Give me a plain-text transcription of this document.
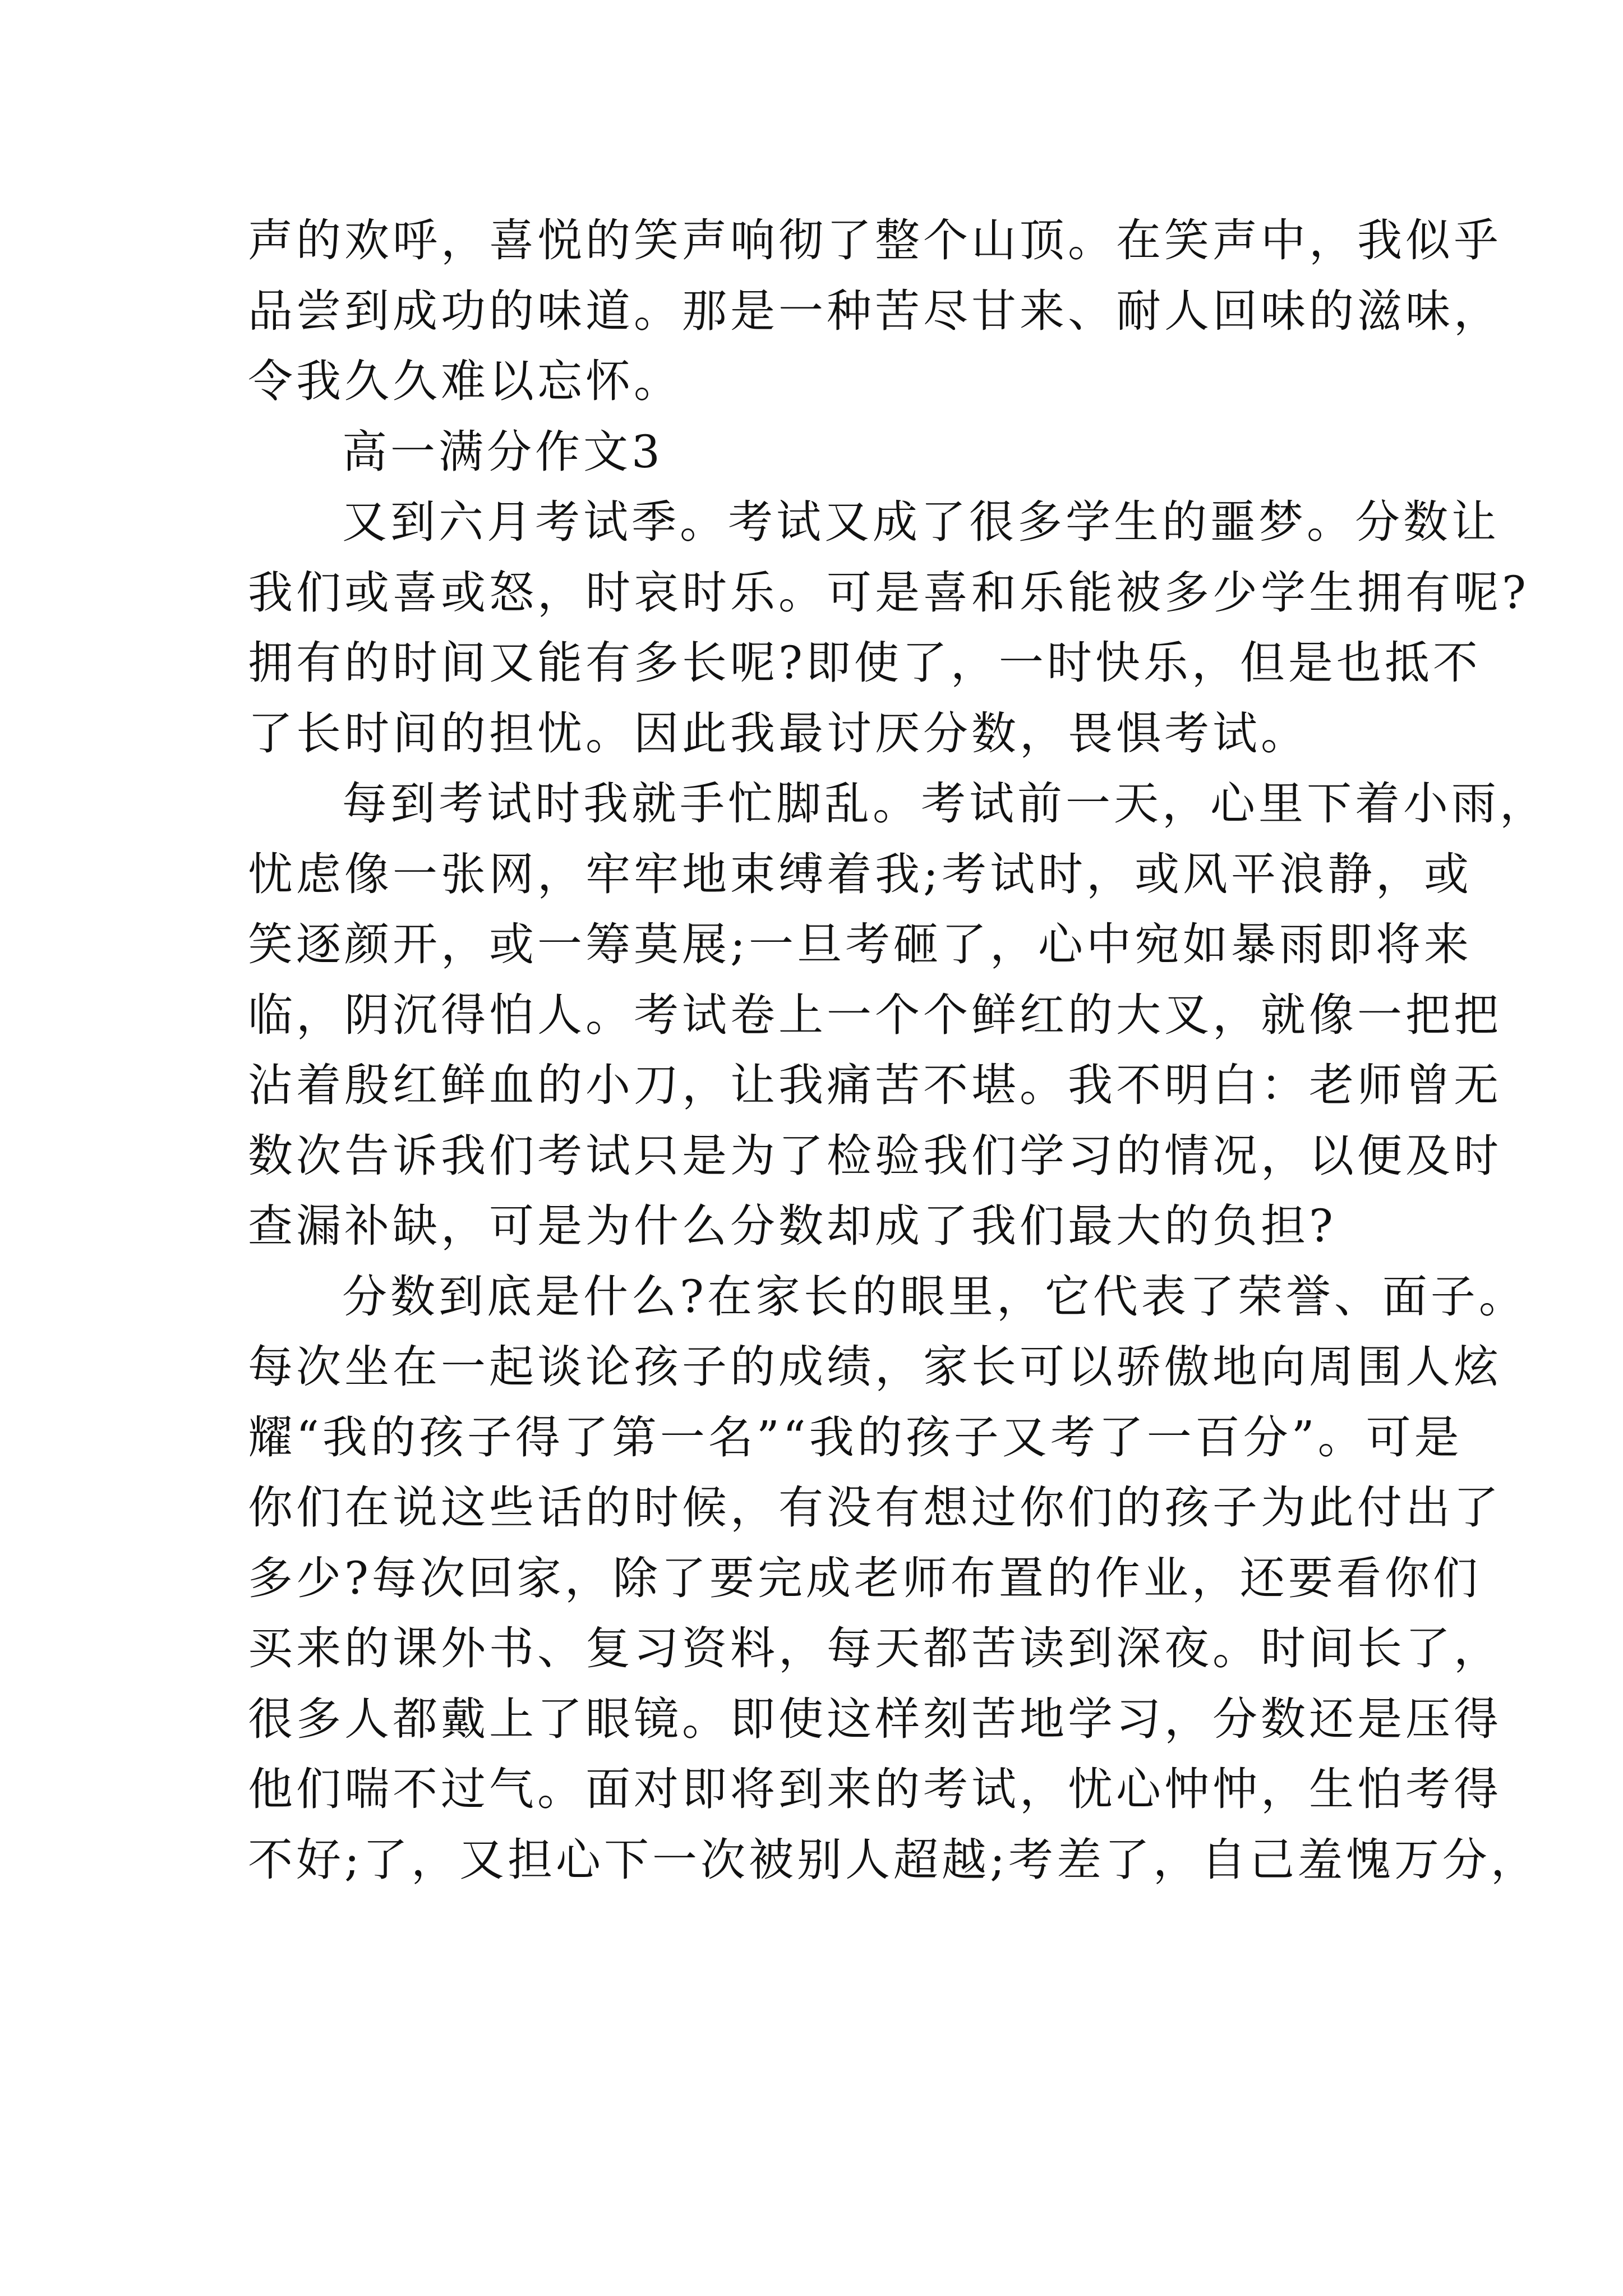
声的欢呼，喜悦的笑声响彻了整个山顶。在笑声中，我似乎
品尝到成功的味道。那是一种苦尽甘来、耐人回味的滋味，
令我久久难以忘怀。
高一满分作文3
又到六月考试季。考试又成了很多学生的噩梦。分数让
我们或喜或怒，时哀时乐。可是喜和乐能被多少学生拥有呢?
拥有的时间又能有多长呢?即使了，一时快乐，但是也抵不
了长时间的担忧。因此我最讨厌分数，畏惧考试。
每到考试时我就手忙脚乱。考试前一天，心里下着小雨，
忧虑像一张网，牢牢地束缚着我;考试时，或风平浪静，或
笑逐颜开，或一筹莫展;一旦考砸了，心中宛如暴雨即将来
临，阴沉得怕人。考试卷上一个个鲜红的大叉，就像一把把
沾着殷红鲜血的小刀，让我痛苦不堪。我不明白：老师曾无
数次告诉我们考试只是为了检验我们学习的情况，以便及时
查漏补缺，可是为什么分数却成了我们最大的负担?
分数到底是什么?在家长的眼里，它代表了荣誉、面子。
每次坐在一起谈论孩子的成绩，家长可以骄傲地向周围人炫
耀“我的孩子得了第一名”“我的孩子又考了一百分”。可是
你们在说这些话的时候，有没有想过你们的孩子为此付出了
多少?每次回家，除了要完成老师布置的作业，还要看你们
买来的课外书、复习资料，每天都苦读到深夜。时间长了，
很多人都戴上了眼镜。即使这样刻苦地学习，分数还是压得
他们喘不过气。面对即将到来的考试，忧心忡忡，生怕考得
不好;了，又担心下一次被别人超越;考差了，自己羞愧万分，
